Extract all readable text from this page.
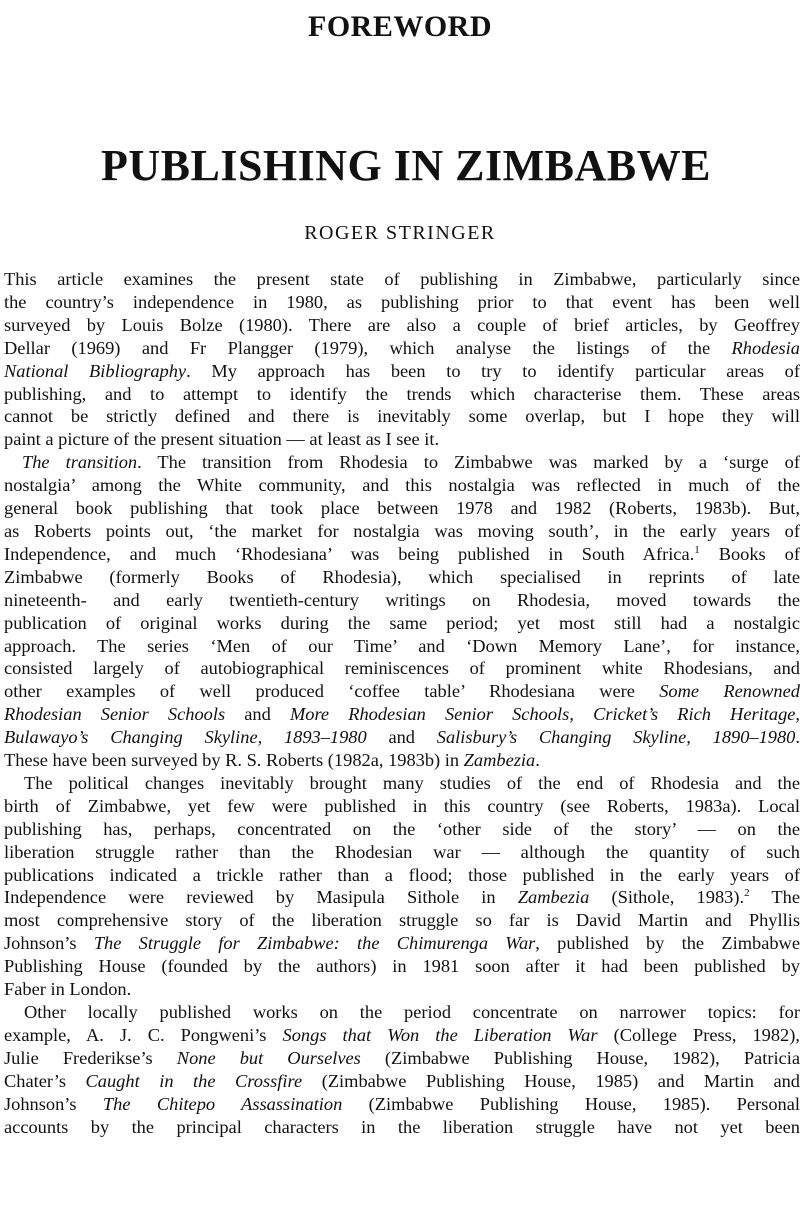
FOREWORD
PUBLISHING IN ZIMBABWE
ROGER STRINGER
This article examines the present state of publishing in Zimbabwe, particularly since
the country’s independence in 1980, as publishing prior to that event has been well
surveyed by Louis Bolze (1980). There are also a couple of brief articles, by Geoffrey
Dellar (1969) and Fr Plangger (1979), which analyse the listings of the Rhodesia
National Bibliography. My approach has been to try to identify particular areas of
publishing, and to attempt to identify the trends which characterise them. These areas
cannot be strictly defined and there is inevitably some overlap, but I hope they will
paint a picture of the present situation — at least as I see it.
The transition. The transition from Rhodesia to Zimbabwe was marked by a ‘surge of
nostalgia’ among the White community, and this nostalgia was reflected in much of the
general book publishing that took place between 1978 and 1982 (Roberts, 1983b). But,
as Roberts points out, ‘the market for nostalgia was moving south’, in the early years of
Independence, and much ‘Rhodesiana’ was being published in South Africa.$^1$ Books of
Zimbabwe (formerly Books of Rhodesia), which specialised in reprints of late
nineteenth- and early twentieth-century writings on Rhodesia, moved towards the
publication of original works during the same period; yet most still had a nostalgic
approach. The series ‘Men of our Time’ and ‘Down Memory Lane’, for instance,
consisted largely of autobiographical reminiscences of prominent white Rhodesians, and
other examples of well produced ‘coffee table’ Rhodesiana were Some Renowned
Rhodesian Senior Schools and More Rhodesian Senior Schools, Cricket’s Rich Heritage,
Bulawayo’s Changing Skyline, 1893–1980 and Salisbury’s Changing Skyline, 1890–1980.
These have been surveyed by R. S. Roberts (1982a, 1983b) in Zambezia.
The political changes inevitably brought many studies of the end of Rhodesia and the
birth of Zimbabwe, yet few were published in this country (see Roberts, 1983a). Local
publishing has, perhaps, concentrated on the ‘other side of the story’ — on the
liberation struggle rather than the Rhodesian war — although the quantity of such
publications indicated a trickle rather than a flood; those published in the early years of
Independence were reviewed by Masipula Sithole in Zambezia (Sithole, 1983).$^2$ The
most comprehensive story of the liberation struggle so far is David Martin and Phyllis
Johnson’s The Struggle for Zimbabwe: the Chimurenga War, published by the Zimbabwe
Publishing House (founded by the authors) in 1981 soon after it had been published by
Faber in London.
Other locally published works on the period concentrate on narrower topics: for
example, A. J. C. Pongweni’s Songs that Won the Liberation War (College Press, 1982),
Julie Frederikse’s None but Ourselves (Zimbabwe Publishing House, 1982), Patricia
Chater’s Caught in the Crossfire (Zimbabwe Publishing House, 1985) and Martin and
Johnson’s The Chitepo Assassination (Zimbabwe Publishing House, 1985). Personal
accounts by the principal characters in the liberation struggle have not yet been
